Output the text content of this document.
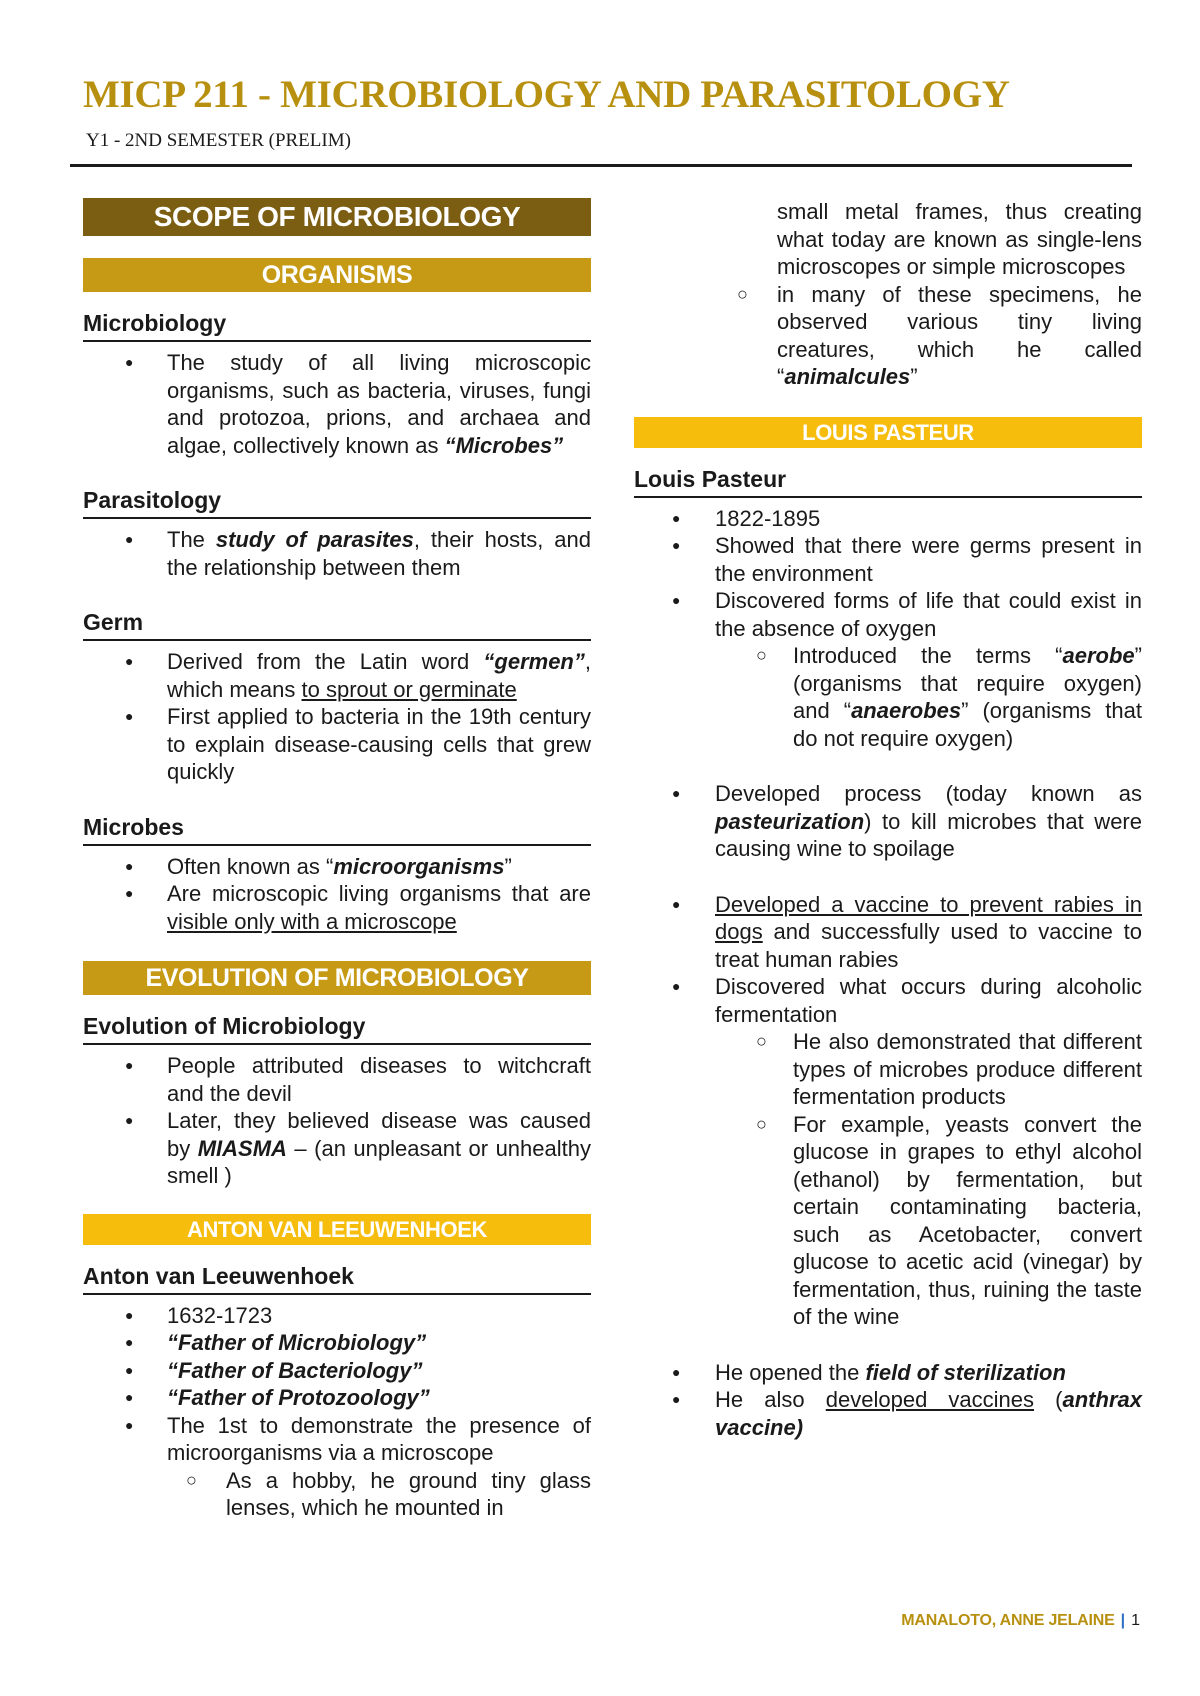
MICP 211 - MICROBIOLOGY AND PARASITOLOGY
Y1 - 2ND SEMESTER (PRELIM)
SCOPE OF MICROBIOLOGY
ORGANISMS
Microbiology
● The study of all living microscopic organisms, such as bacteria, viruses, fungi and protozoa, prions, and archaea and algae, collectively known as “Microbes”
Parasitology
● The study of parasites, their hosts, and the relationship between them
Germ
● Derived from the Latin word “germen”, which means to sprout or germinate
● First applied to bacteria in the 19th century to explain disease-causing cells that grew quickly
Microbes
● Often known as “microorganisms”
● Are microscopic living organisms that are visible only with a microscope
EVOLUTION OF MICROBIOLOGY
Evolution of Microbiology
● People attributed diseases to witchcraft and the devil
● Later, they believed disease was caused by MIASMA – (an unpleasant or unhealthy smell )
ANTON VAN LEEUWENHOEK
Anton van Leeuwenhoek
● 1632-1723
● “Father of Microbiology”
● “Father of Bacteriology”
● “Father of Protozoology”
● The 1st to demonstrate the presence of microorganisms via a microscope
○ As a hobby, he ground tiny glass lenses, which he mounted in
small metal frames, thus creating what today are known as single-lens microscopes or simple microscopes
○ in many of these specimens, he observed various tiny living creatures, which he called “animalcules”
LOUIS PASTEUR
Louis Pasteur
● 1822-1895
● Showed that there were germs present in the environment
● Discovered forms of life that could exist in the absence of oxygen
○ Introduced the terms “aerobe” (organisms that require oxygen) and “anaerobes” (organisms that do not require oxygen)
● Developed process (today known as pasteurization) to kill microbes that were causing wine to spoilage
● Developed a vaccine to prevent rabies in dogs and successfully used to vaccine to treat human rabies
● Discovered what occurs during alcoholic fermentation
○ He also demonstrated that different types of microbes produce different fermentation products
○ For example, yeasts convert the glucose in grapes to ethyl alcohol (ethanol) by fermentation, but certain contaminating bacteria, such as Acetobacter, convert glucose to acetic acid (vinegar) by fermentation, thus, ruining the taste of the wine
● He opened the field of sterilization
● He also developed vaccines (anthrax vaccine)
MANALOTO, ANNE JELAINE | 1
